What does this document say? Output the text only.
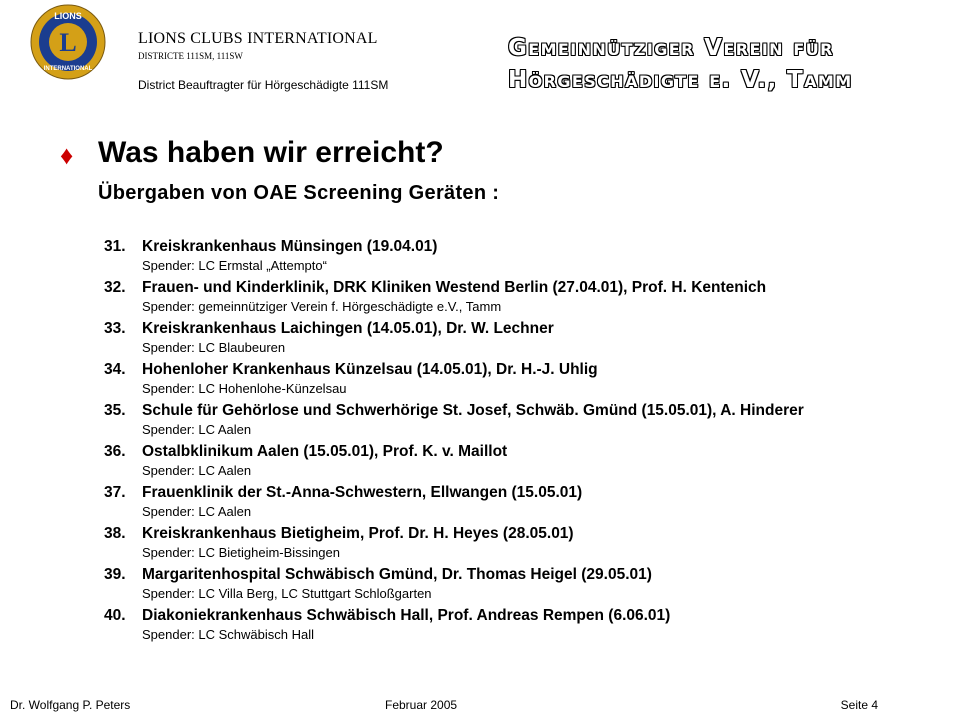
LIONS
L
INTERNATIONAL
LIONS CLUBS INTERNATIONAL
DISTRICTE 111SM, 111SW
District Beauftragter für Hörgeschädigte 111SM
Gemeinnütziger Verein für Hörgeschädigte e. V., Tamm
♦ Was haben wir erreicht?
Übergaben von OAE Screening Geräten :
31. Kreiskrankenhaus Münsingen (19.04.01)
Spender: LC Ermstal „Attempto“
32. Frauen- und Kinderklinik, DRK Kliniken Westend Berlin (27.04.01), Prof. H. Kentenich
Spender: gemeinnütziger Verein f. Hörgeschädigte e.V., Tamm
33. Kreiskrankenhaus Laichingen (14.05.01), Dr. W. Lechner
Spender: LC Blaubeuren
34. Hohenloher Krankenhaus Künzelsau (14.05.01), Dr. H.-J. Uhlig
Spender: LC Hohenlohe-Künzelsau
35. Schule für Gehörlose und Schwerhörige St. Josef, Schwäb. Gmünd (15.05.01), A. Hinderer
Spender: LC Aalen
36. Ostalbklinikum Aalen (15.05.01), Prof. K. v. Maillot
Spender: LC Aalen
37. Frauenklinik der St.-Anna-Schwestern, Ellwangen (15.05.01)
Spender: LC Aalen
38. Kreiskrankenhaus Bietigheim, Prof. Dr. H. Heyes (28.05.01)
Spender: LC Bietigheim-Bissingen
39. Margaritenhospital Schwäbisch Gmünd, Dr. Thomas Heigel (29.05.01)
Spender: LC Villa Berg, LC Stuttgart Schloßgarten
40. Diakoniekrankenhaus Schwäbisch Hall, Prof. Andreas Rempen (6.06.01)
Spender: LC Schwäbisch Hall
Dr. Wolfgang P. Peters	Februar 2005	Seite 4
